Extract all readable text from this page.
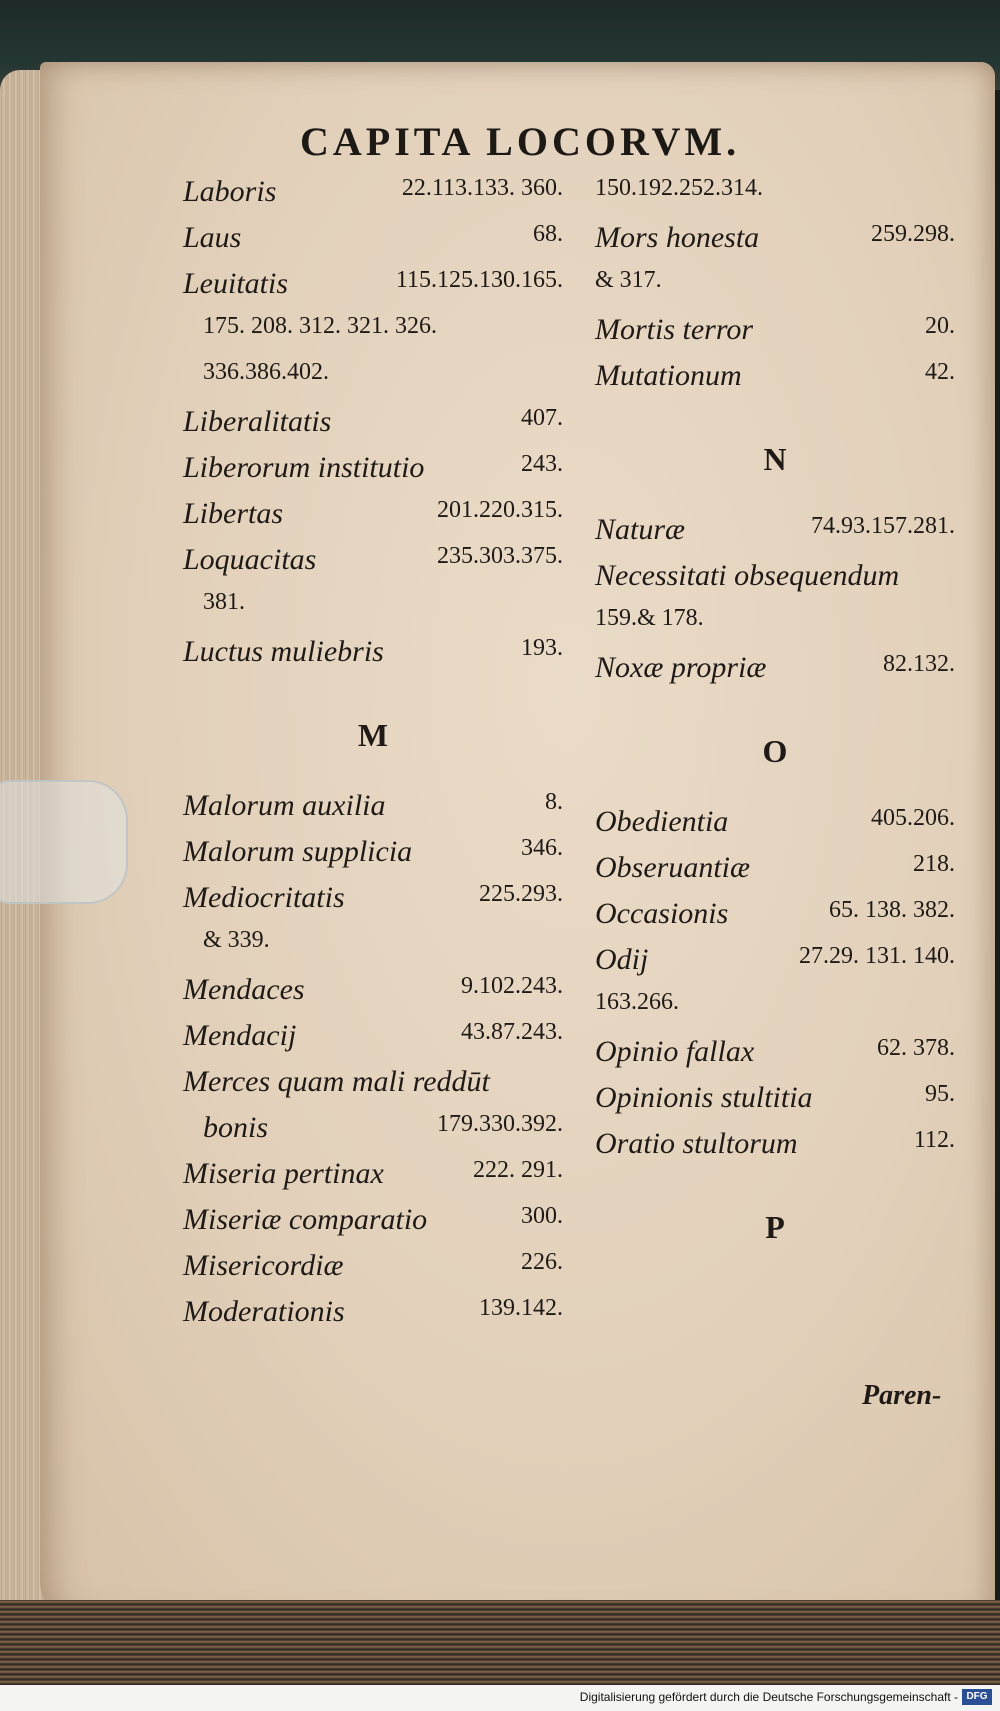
CAPITA LOCORVM.
Laboris	22.113.133. 360.
Laus	68.
Leuitatis	115.125.130.165.
175. 208. 312. 321. 326.
336.386.402.
Liberalitatis	407.
Liberorum institutio	243.
Libertas	201.220.315.
Loquacitas	235.303.375.
381.
Luctus muliebris	193.
M
Malorum auxilia	8.
Malorum supplicia	346.
Mediocritatis	225.293.
& 339.
Mendaces	9.102.243.
Mendacij	43.87.243.
Merces quam mali reddūt
bonis	179.330.392.
Miseria pertinax	222. 291.
Miseriæ comparatio	300.
Misericordiæ	226.
Moderationis	139.142.
150.192.252.314.
Mors honesta	259.298.
& 317.
Mortis terror	20.
Mutationum	42.
N
Naturæ	74.93.157.281.
Necessitati obsequendum
159.& 178.
Noxæ propriæ	82.132.
O
Obedientia	405.206.
Obseruantiæ	218.
Occasionis	65. 138. 382.
Odij	27.29. 131. 140.
163.266.
Opinio fallax	62. 378.
Opinionis stultitia	95.
Oratio stultorum	112.
P
Paren-
Digitalisierung gefördert durch die Deutsche Forschungsgemeinschaft - DFG
